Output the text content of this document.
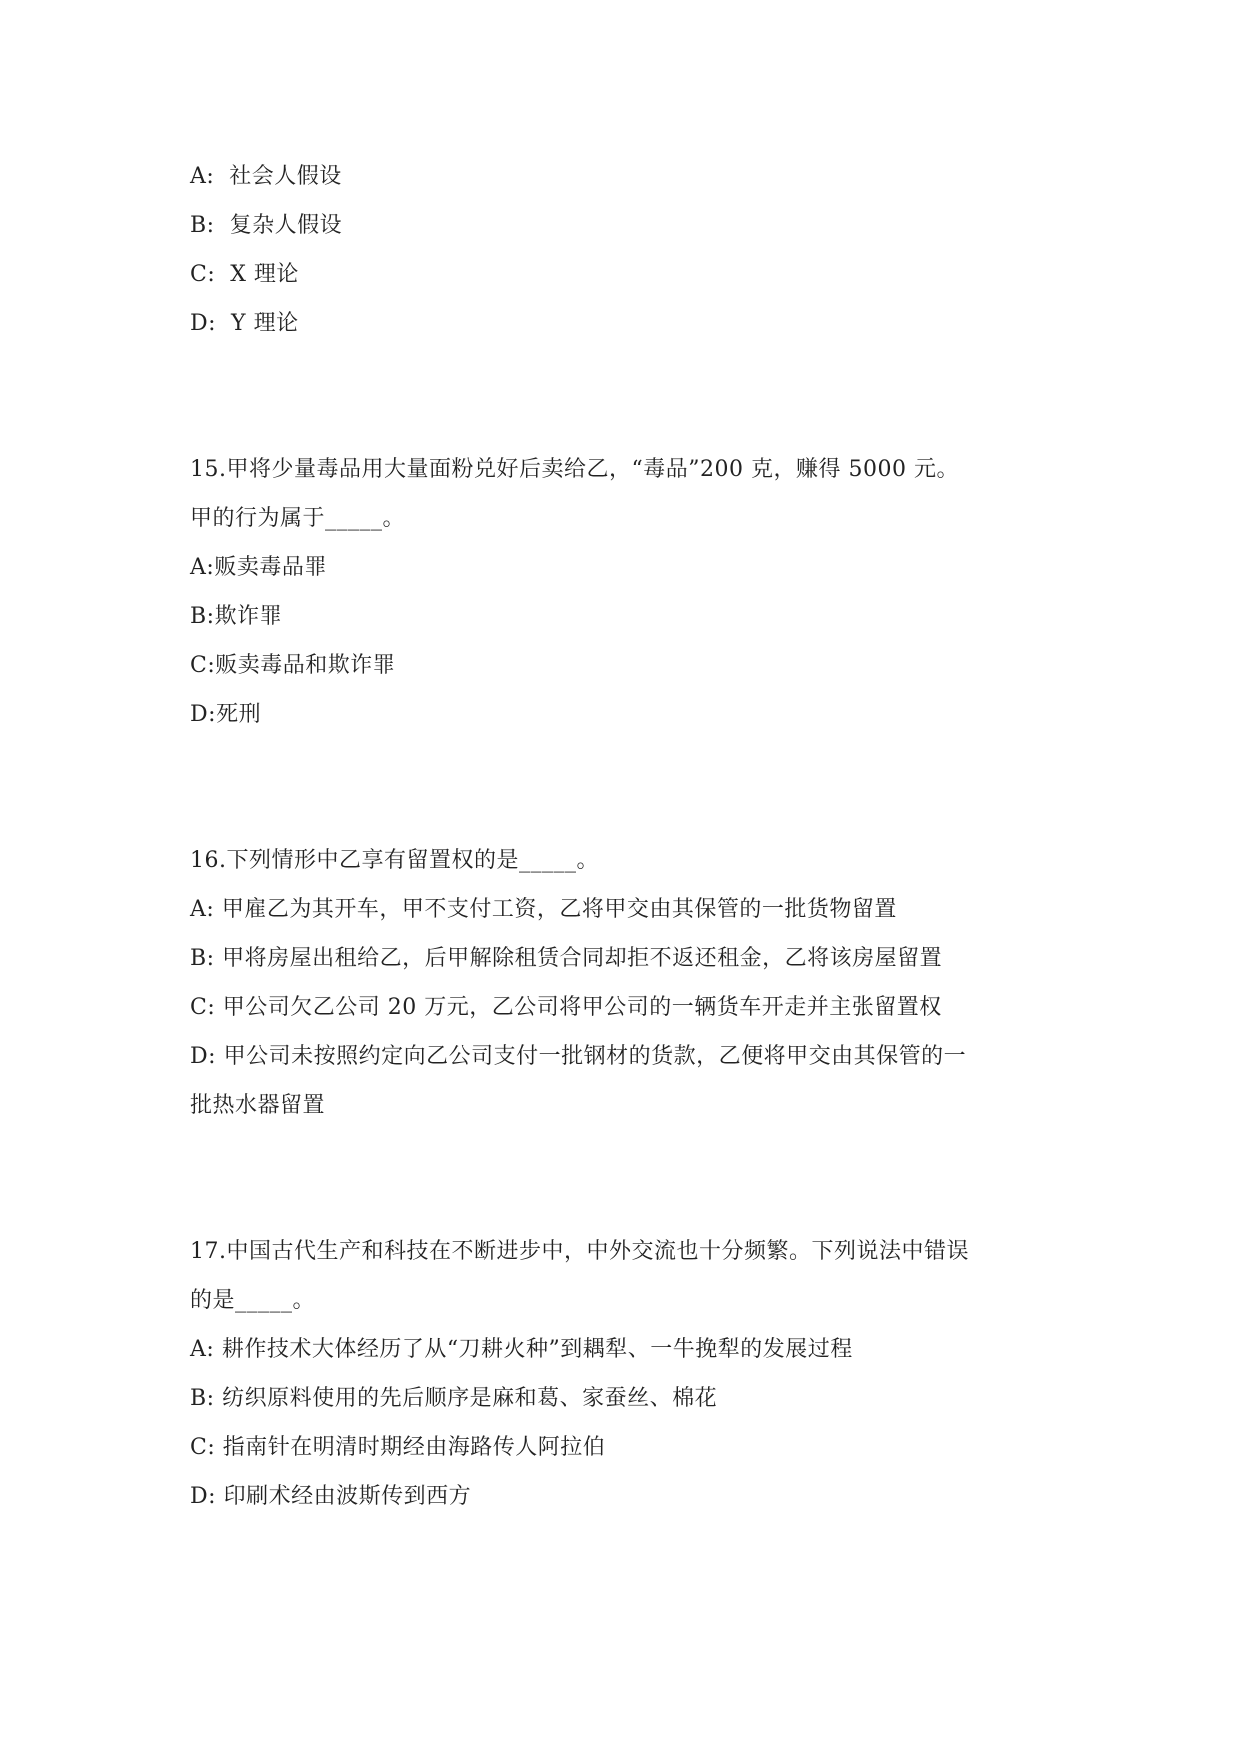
A:  社会人假设
B:  复杂人假设
C:  X 理论
D:  Y 理论
15.甲将少量毒品用大量面粉兑好后卖给乙，“毒品”200 克，赚得 5000 元。
甲的行为属于_____。
A:贩卖毒品罪
B:欺诈罪
C:贩卖毒品和欺诈罪
D:死刑
16.下列情形中乙享有留置权的是_____。
A: 甲雇乙为其开车，甲不支付工资，乙将甲交由其保管的一批货物留置
B: 甲将房屋出租给乙，后甲解除租赁合同却拒不返还租金，乙将该房屋留置
C: 甲公司欠乙公司 20 万元，乙公司将甲公司的一辆货车开走并主张留置权
D: 甲公司未按照约定向乙公司支付一批钢材的货款，乙便将甲交由其保管的一
批热水器留置
17.中国古代生产和科技在不断进步中，中外交流也十分频繁。下列说法中错误
的是_____。
A: 耕作技术大体经历了从“刀耕火种”到耦犁、一牛挽犁的发展过程
B: 纺织原料使用的先后顺序是麻和葛、家蚕丝、棉花
C: 指南针在明清时期经由海路传人阿拉伯
D: 印刷术经由波斯传到西方
